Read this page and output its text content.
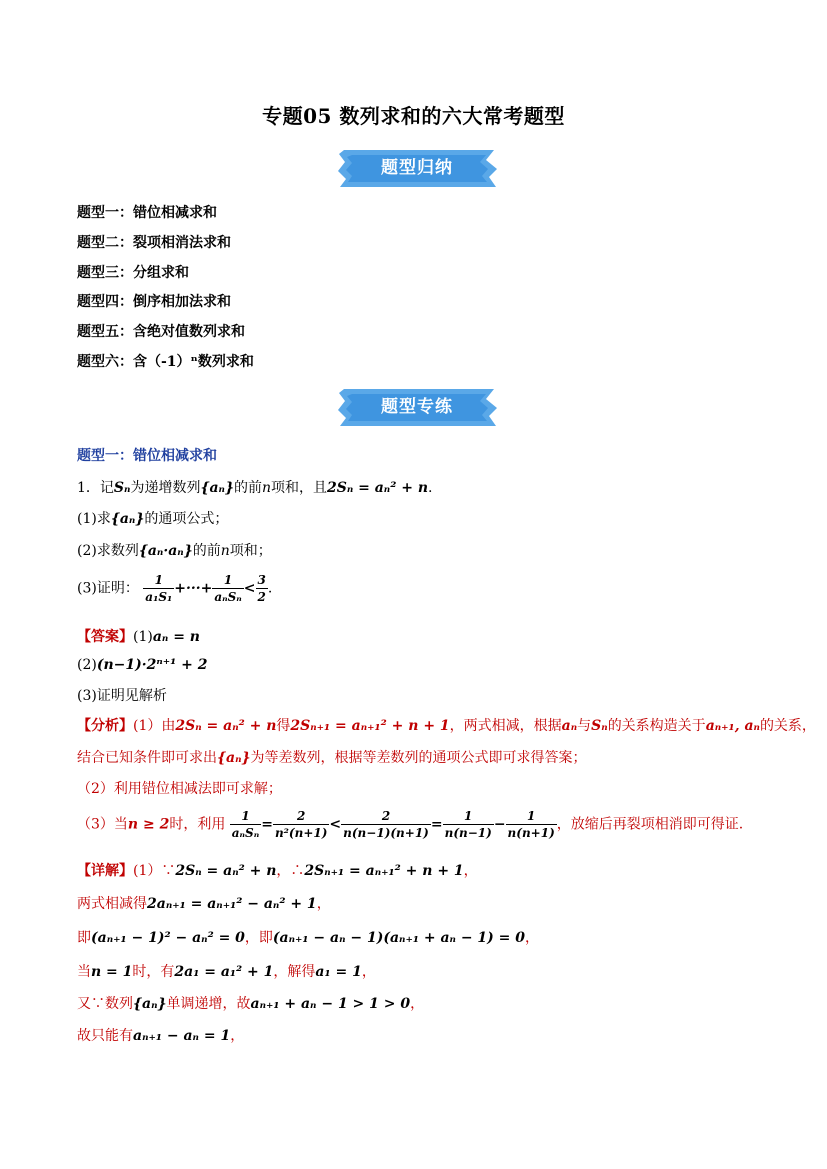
专题05 数列求和的六大常考题型
题型归纳
题型一：错位相减求和
题型二：裂项相消法求和
题型三：分组求和
题型四：倒序相加法求和
题型五：含绝对值数列求和
题型六：含（-1）ⁿ数列求和
题型专练
题型一：错位相减求和
1．记Sₙ为递增数列{aₙ}的前n项和，且2Sₙ = aₙ² + n.
(1)求{aₙ}的通项公式；
(2)求数列{aₙ·aₙ}的前n项和；
(3)证明： $\frac{1}{\text{a₁S₁}}$ +···+ $\frac{1}{\text{aₙSₙ}} < \frac{3}{2}$ .
【答案】(1)aₙ = n
(2)(n−1)·2ⁿ⁺¹ + 2
(3)证明见解析
【分析】(1）由2Sₙ = aₙ² + n得2Sₙ₊₁ = aₙ₊₁² + n + 1，两式相减，根据aₙ与Sₙ的关系构造关于aₙ₊₁, aₙ的关系，
结合已知条件即可求出{aₙ}为等差数列，根据等差数列的通项公式即可求得答案；
（2）利用错位相减法即可求解；
（3）当n ≥ 2时，利用 $\frac{1}{\text{aₙSₙ}} = \frac{2}{\text{n²(n+1)}} < \frac{2}{n(n-1)(n+1)} = \frac{1}{n(n-1)} - \frac{1}{n(n+1)}$ ，放缩后再裂项相消即可得证.
【详解】(1）∵2Sₙ = aₙ² + n，∴2Sₙ₊₁ = aₙ₊₁² + n + 1，
两式相减得2aₙ₊₁ = aₙ₊₁² − aₙ² + 1，
即(aₙ₊₁ − 1)² − aₙ² = 0，即(aₙ₊₁ − aₙ − 1)(aₙ₊₁ + aₙ − 1) = 0，
当n = 1时，有2a₁ = a₁² + 1，解得a₁ = 1，
又∵数列{aₙ}单调递增，故aₙ₊₁ + aₙ − 1 > 1 > 0，
故只能有aₙ₊₁ − aₙ = 1，
